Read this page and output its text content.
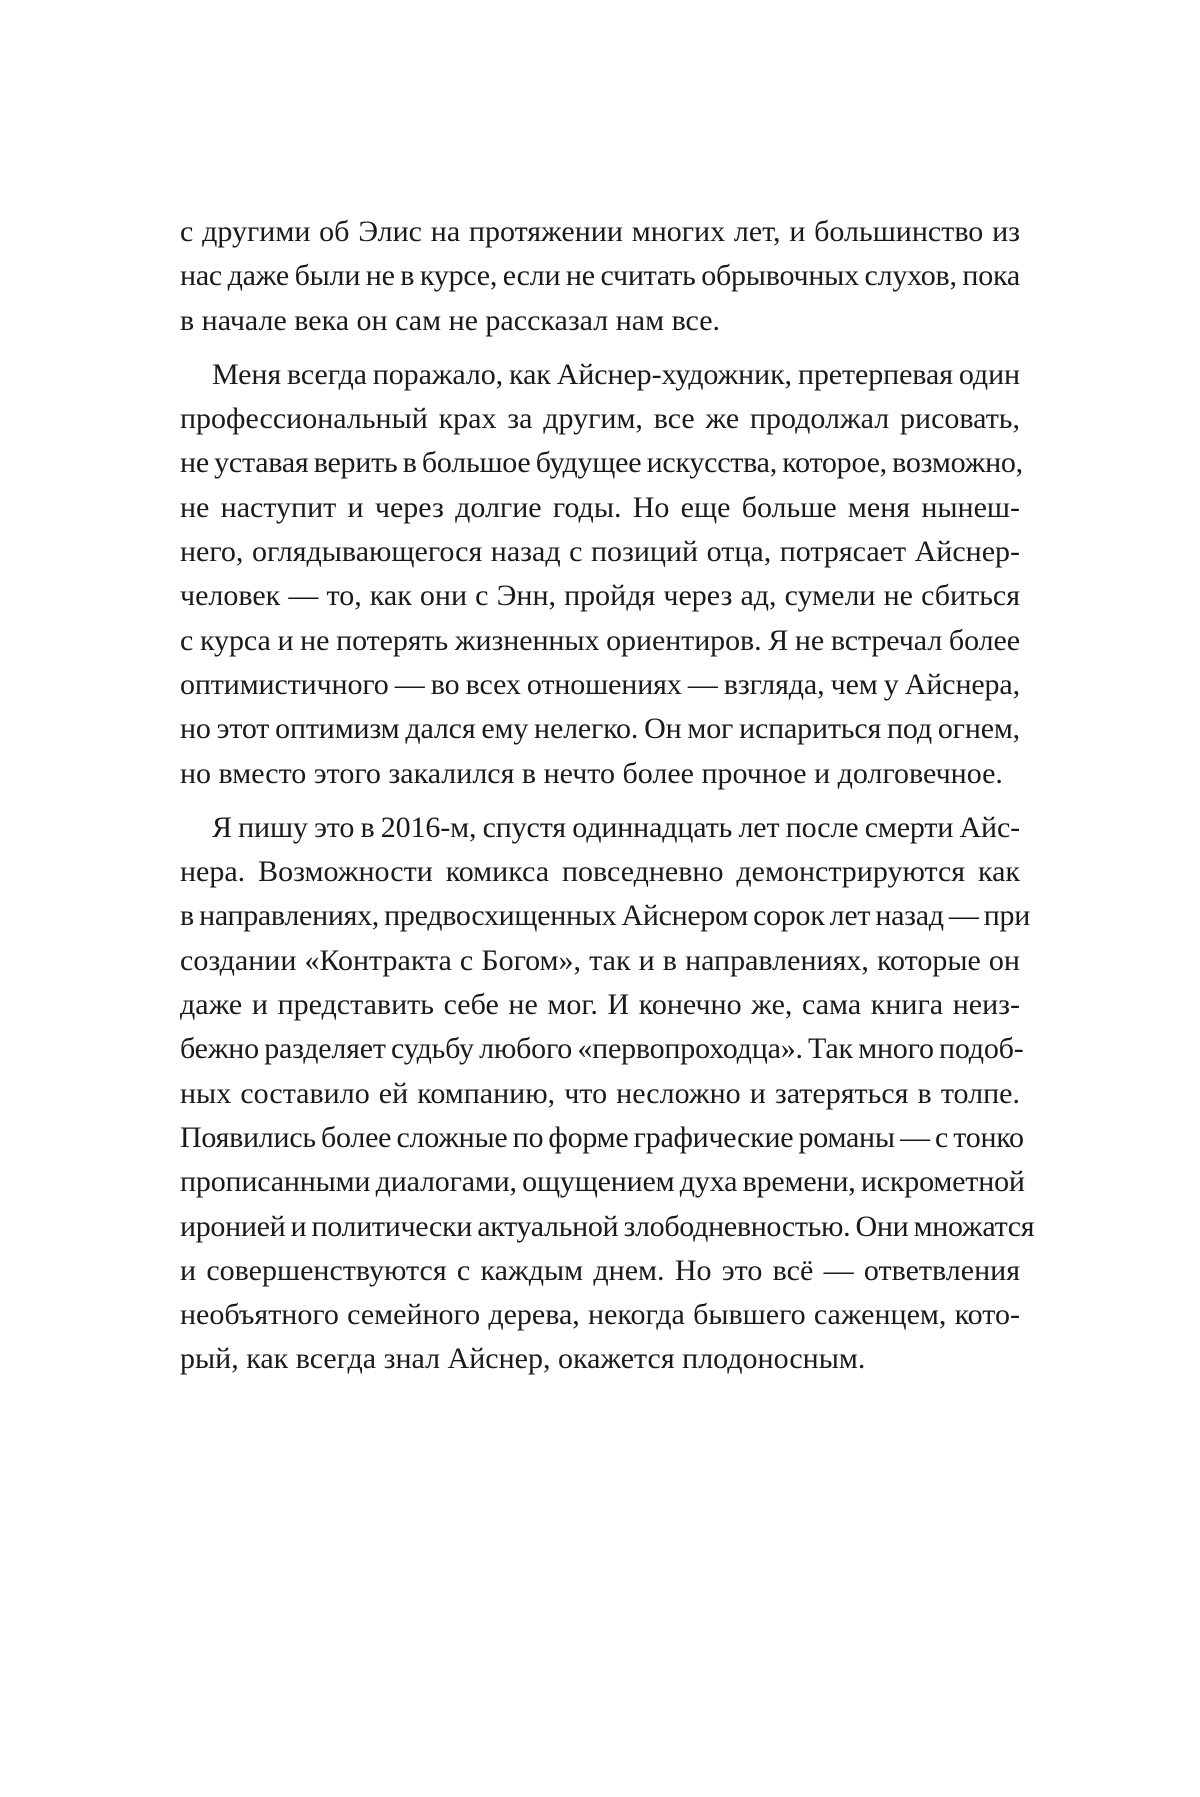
с другими об Элис на протяжении многих лет, и большинство из
нас даже были не в курсе, если не считать обрывочных слухов, пока
в начале века он сам не рассказал нам все.
Меня всегда поражало, как Айснер-художник, претерпевая один
профессиональный крах за другим, все же продолжал рисовать,
не уставая верить в большое будущее искусства, которое, возможно,
не наступит и через долгие годы. Но еще больше меня нынеш-
него, оглядывающегося назад с позиций отца, потрясает Айснер-
человек — то, как они с Энн, пройдя через ад, сумели не сбиться
с курса и не потерять жизненных ориентиров. Я не встречал более
оптимистичного — во всех отношениях — взгляда, чем у Айснера,
но этот оптимизм дался ему нелегко. Он мог испариться под огнем,
но вместо этого закалился в нечто более прочное и долговечное.
Я пишу это в 2016-м, спустя одиннадцать лет после смерти Айс-
нера. Возможности комикса повседневно демонстрируются как
в направлениях, предвосхищенных Айснером сорок лет назад — при
создании «Контракта с Богом», так и в направлениях, которые он
даже и представить себе не мог. И конечно же, сама книга неиз-
бежно разделяет судьбу любого «первопроходца». Так много подоб-
ных составило ей компанию, что несложно и затеряться в толпе.
Появились более сложные по форме графические романы — с тонко
прописанными диалогами, ощущением духа времени, искрометной
иронией и политически актуальной злободневностью. Они множатся
и совершенствуются с каждым днем. Но это всё — ответвления
необъятного семейного дерева, некогда бывшего саженцем, кото-
рый, как всегда знал Айснер, окажется плодоносным.
